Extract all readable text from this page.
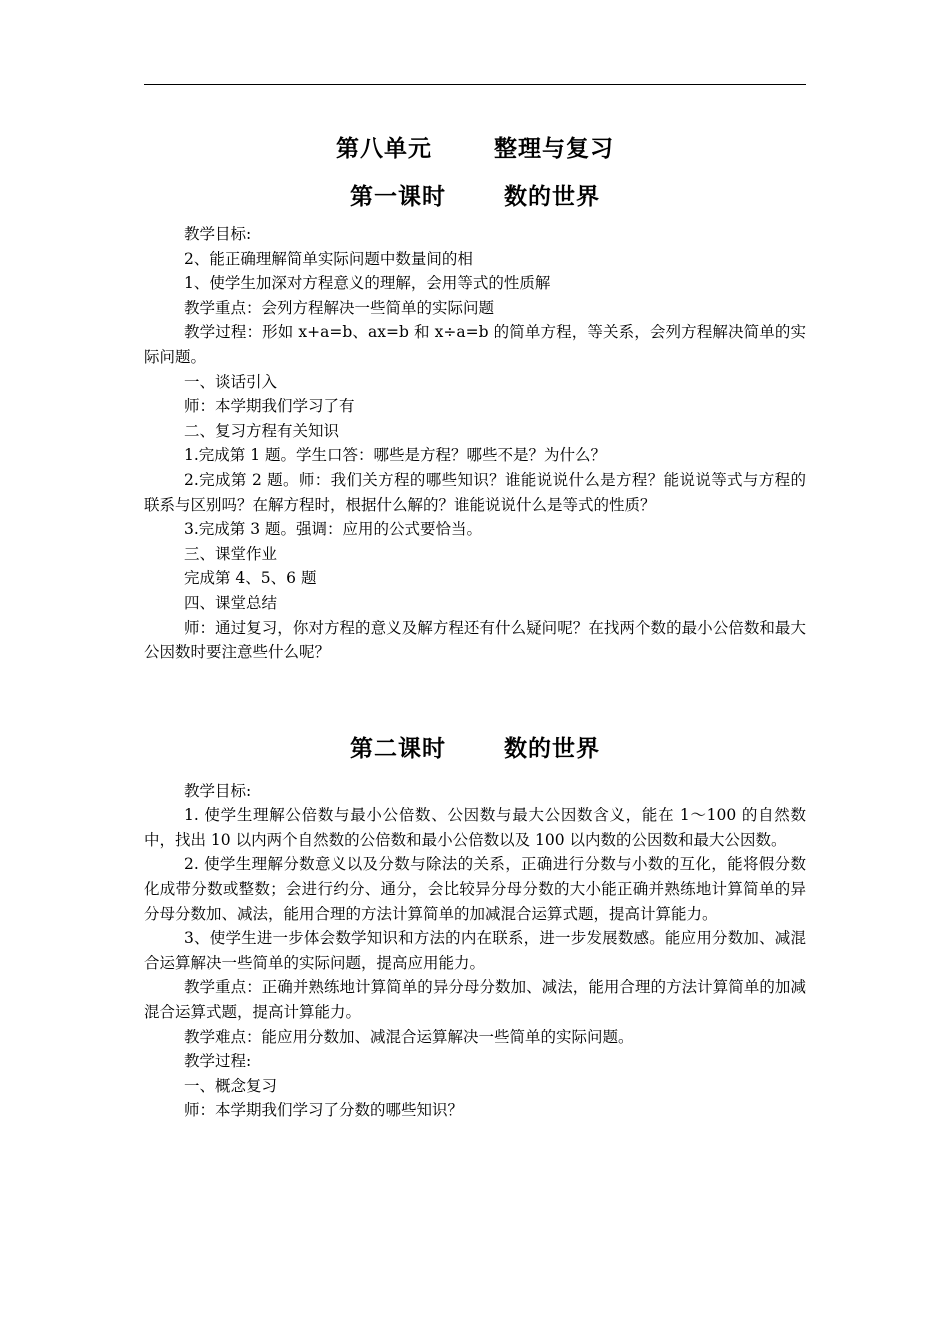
第八单元	整理与复习
第一课时	数的世界

教学目标:

2、能正确理解简单实际问题中数量间的相

1、使学生加深对方程意义的理解，会用等式的性质解

教学重点：会列方程解决一些简单的实际问题

教学过程：形如 x+a=b、ax=b 和 x÷a=b 的简单方程，等关系，会列方程解决简单的实际问题。

一、谈话引入

师：本学期我们学习了有

二、复习方程有关知识

1.完成第 1 题。学生口答：哪些是方程？哪些不是？为什么？

2.完成第 2 题。师：我们关方程的哪些知识？谁能说说什么是方程？能说说等式与方程的联系与区别吗？在解方程时，根据什么解的？谁能说说什么是等式的性质？

3.完成第 3 题。强调：应用的公式要恰当。

三、课堂作业

完成第 4、5、6 题

四、课堂总结

师：通过复习，你对方程的意义及解方程还有什么疑问呢？在找两个数的最小公倍数和最大公因数时要注意些什么呢？

第二课时	数的世界

教学目标:

1. 使学生理解公倍数与最小公倍数、公因数与最大公因数含义，能在 1～100 的自然数中，找出 10 以内两个自然数的公倍数和最小公倍数以及 100 以内数的公因数和最大公因数。

2. 使学生理解分数意义以及分数与除法的关系，正确进行分数与小数的互化，能将假分数化成带分数或整数；会进行约分、通分，会比较异分母分数的大小能正确并熟练地计算简单的异分母分数加、减法，能用合理的方法计算简单的加减混合运算式题，提高计算能力。

3、使学生进一步体会数学知识和方法的内在联系，进一步发展数感。能应用分数加、减混合运算解决一些简单的实际问题，提高应用能力。

教学重点：正确并熟练地计算简单的异分母分数加、减法，能用合理的方法计算简单的加减混合运算式题，提高计算能力。

教学难点：能应用分数加、减混合运算解决一些简单的实际问题。

教学过程:

一、概念复习

师：本学期我们学习了分数的哪些知识？
